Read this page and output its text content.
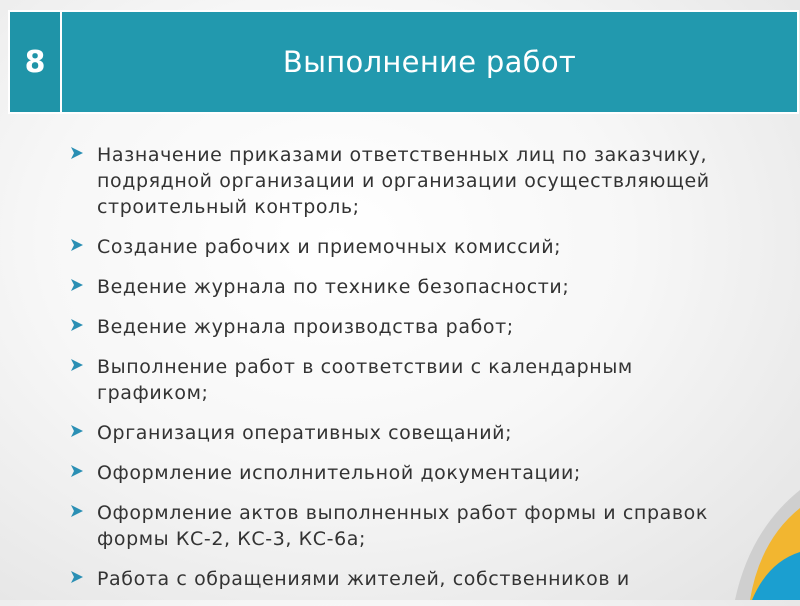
8	Выполнение работ
Назначение приказами ответственных лиц по заказчику, подрядной организации и организации осуществляющей строительный контроль;
Создание рабочих и приемочных комиссий;
Ведение журнала по технике безопасности;
Ведение журнала производства работ;
Выполнение работ в соответствии с календарным графиком;
Организация оперативных совещаний;
Оформление исполнительной документации;
Оформление актов выполненных работ формы и справок формы КС-2, КС-3, КС-6а;
Работа с обращениями жителей, собственников и
